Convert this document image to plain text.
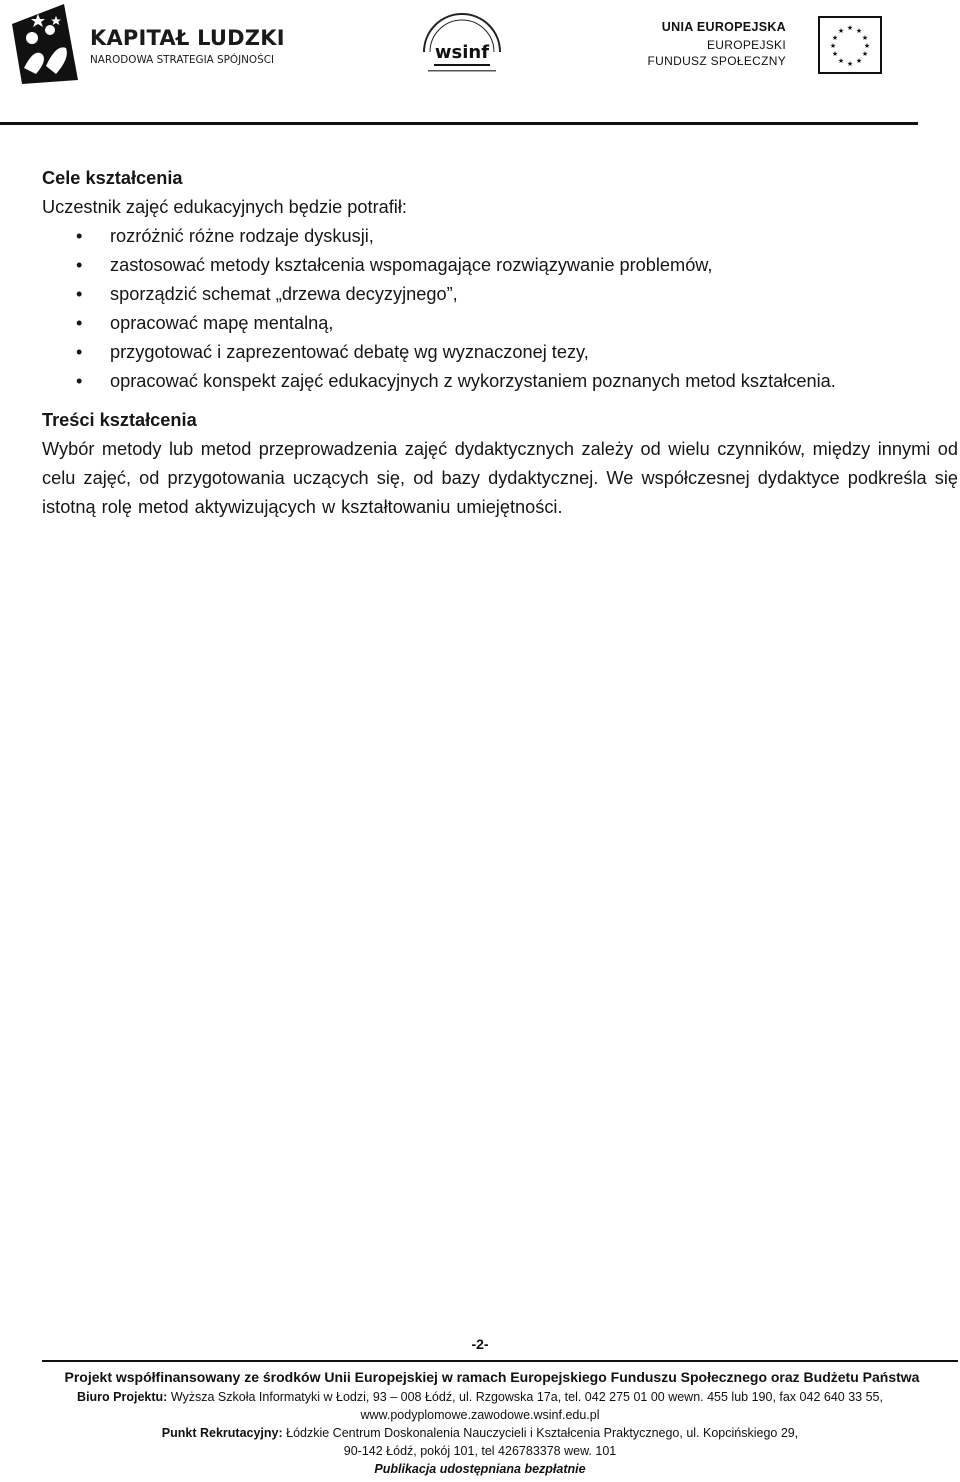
KAPITAŁ LUDZKI
NARODOWA STRATEGIA SPÓJNOŚCI	wsinf
UNIA EUROPEJSKA
EUROPEJSKI
FUNDUSZ SPOŁECZNY
★ ★
★
★
★
★
★
★
★
★
★
★

Cele kształcenia

Uczestnik zajęć edukacyjnych będzie potrafił:

• rozróżnić różne rodzaje dyskusji,
• zastosować metody kształcenia wspomagające rozwiązywanie problemów,
• sporządzić schemat „drzewa decyzyjnego”,
• opracować mapę mentalną,
• przygotować i zaprezentować debatę wg wyznaczonej tezy,
• opracować konspekt zajęć edukacyjnych z wykorzystaniem poznanych metod kształcenia.

Treści kształcenia

Wybór metody lub metod przeprowadzenia zajęć dydaktycznych zależy od wielu czynników, między innymi od celu zajęć, od przygotowania uczących się, od bazy dydaktycznej. We współczesnej dydaktyce podkreśla się istotną rolę metod aktywizujących w kształtowaniu umiejętności.

-2-
Projekt współfinansowany ze środków Unii Europejskiej w ramach Europejskiego Funduszu Społecznego oraz Budżetu Państwa
Biuro Projektu: Wyższa Szkoła Informatyki w Łodzi, 93 – 008 Łódź, ul. Rzgowska 17a, tel. 042 275 01 00 wewn. 455 lub 190, fax 042 640 33 55,
www.podyplomowe.zawodowe.wsinf.edu.pl
Punkt Rekrutacyjny: Łódzkie Centrum Doskonalenia Nauczycieli i Kształcenia Praktycznego, ul. Kopcińskiego 29,
90-142 Łódź, pokój 101, tel 426783378 wew. 101
Publikacja udostępniana bezpłatnie
